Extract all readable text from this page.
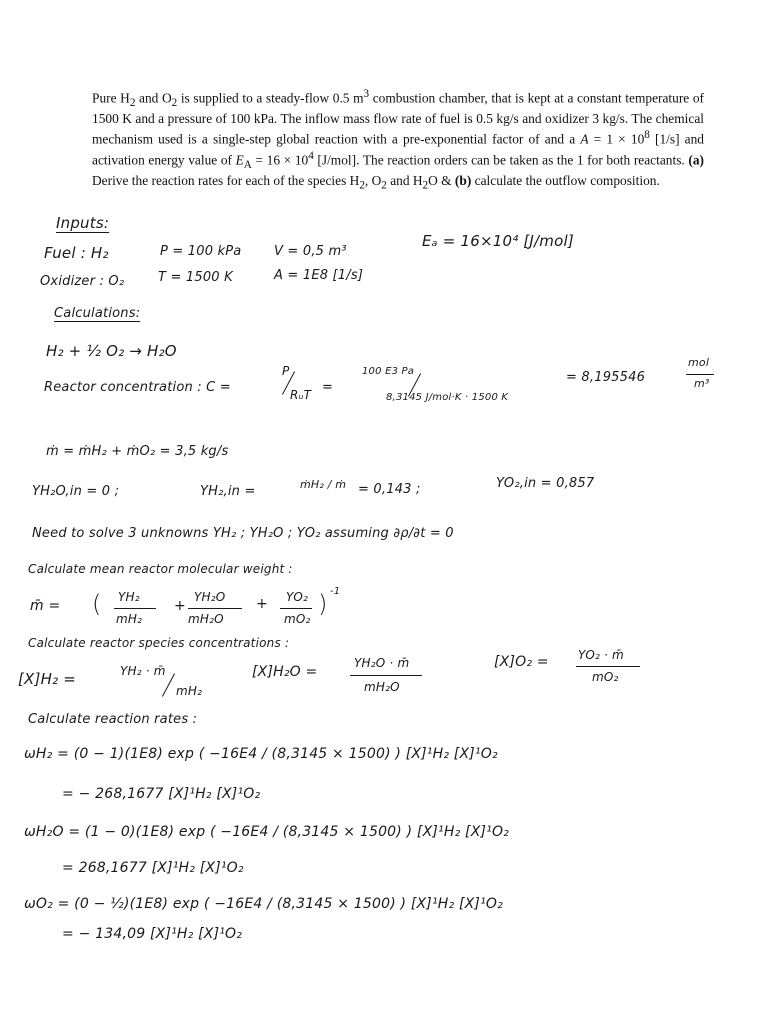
Pure $H_2$ and $O_2$ is supplied to a steady-flow 0.5 $m^3$ combustion chamber, that is kept at a constant temperature of 1500 K and a pressure of 100 kPa. The inflow mass flow rate of fuel is 0.5 kg/s and oxidizer 3 kg/s. The chemical mechanism used is a single-step global reaction with a pre-exponential factor of and a $A = 1 \times 10^8$ [1/s] and activation energy value of $E_A = 16 \times 10^4$ [J/mol]. The reaction orders can be taken as the 1 for both reactants. (a) Derive the reaction rates for each of the species $H_2$, $O_2$ and $H_2O$ & (b) calculate the outflow composition.

Inputs:
Fuel : H₂
Oxidizer : O₂
P = 100 kPa
T = 1500 K
V = 0,5 m³
A = 1E8 [1/s]
Eₐ = 16×10⁴ [J/mol]
Calculations:
H₂ + ½ O₂ → H₂O
Reactor concentration : C =
P
RᵤT =
100 E3 Pa
8,3145 J/mol·K · 1500 K
= 8,195546
mol
m³
ṁ = ṁH₂ + ṁO₂ = 3,5 kg/s
YH₂O,in = 0 ;	YH₂,in =	ṁH₂ / ṁ = 0,143 ;	YO₂,in = 0,857
Need to solve 3 unknowns YH₂ ; YH₂O ; YO₂ assuming ∂ρ/∂t = 0
Calculate mean reactor molecular weight :
m̄ = ( YH₂
mH₂
+
YH₂O
mH₂O
+ YO₂
mO₂
) -1
Calculate reactor species concentrations :
[X]H₂ =	YH₂ · m̄
mH₂
[X]H₂O =
YH₂O · m̄
mH₂O
[X]O₂ = YO₂ · m̄
mO₂
Calculate reaction rates :
ωH₂ = (0 − 1)(1E8) exp ( −16E4 / (8,3145 × 1500) ) [X]¹H₂ [X]¹O₂
= − 268,1677 [X]¹H₂ [X]¹O₂
ωH₂O = (1 − 0)(1E8) exp ( −16E4 / (8,3145 × 1500) ) [X]¹H₂ [X]¹O₂
= 268,1677 [X]¹H₂ [X]¹O₂
ωO₂ = (0 − ½)(1E8) exp ( −16E4 / (8,3145 × 1500) ) [X]¹H₂ [X]¹O₂
= − 134,09 [X]¹H₂ [X]¹O₂
